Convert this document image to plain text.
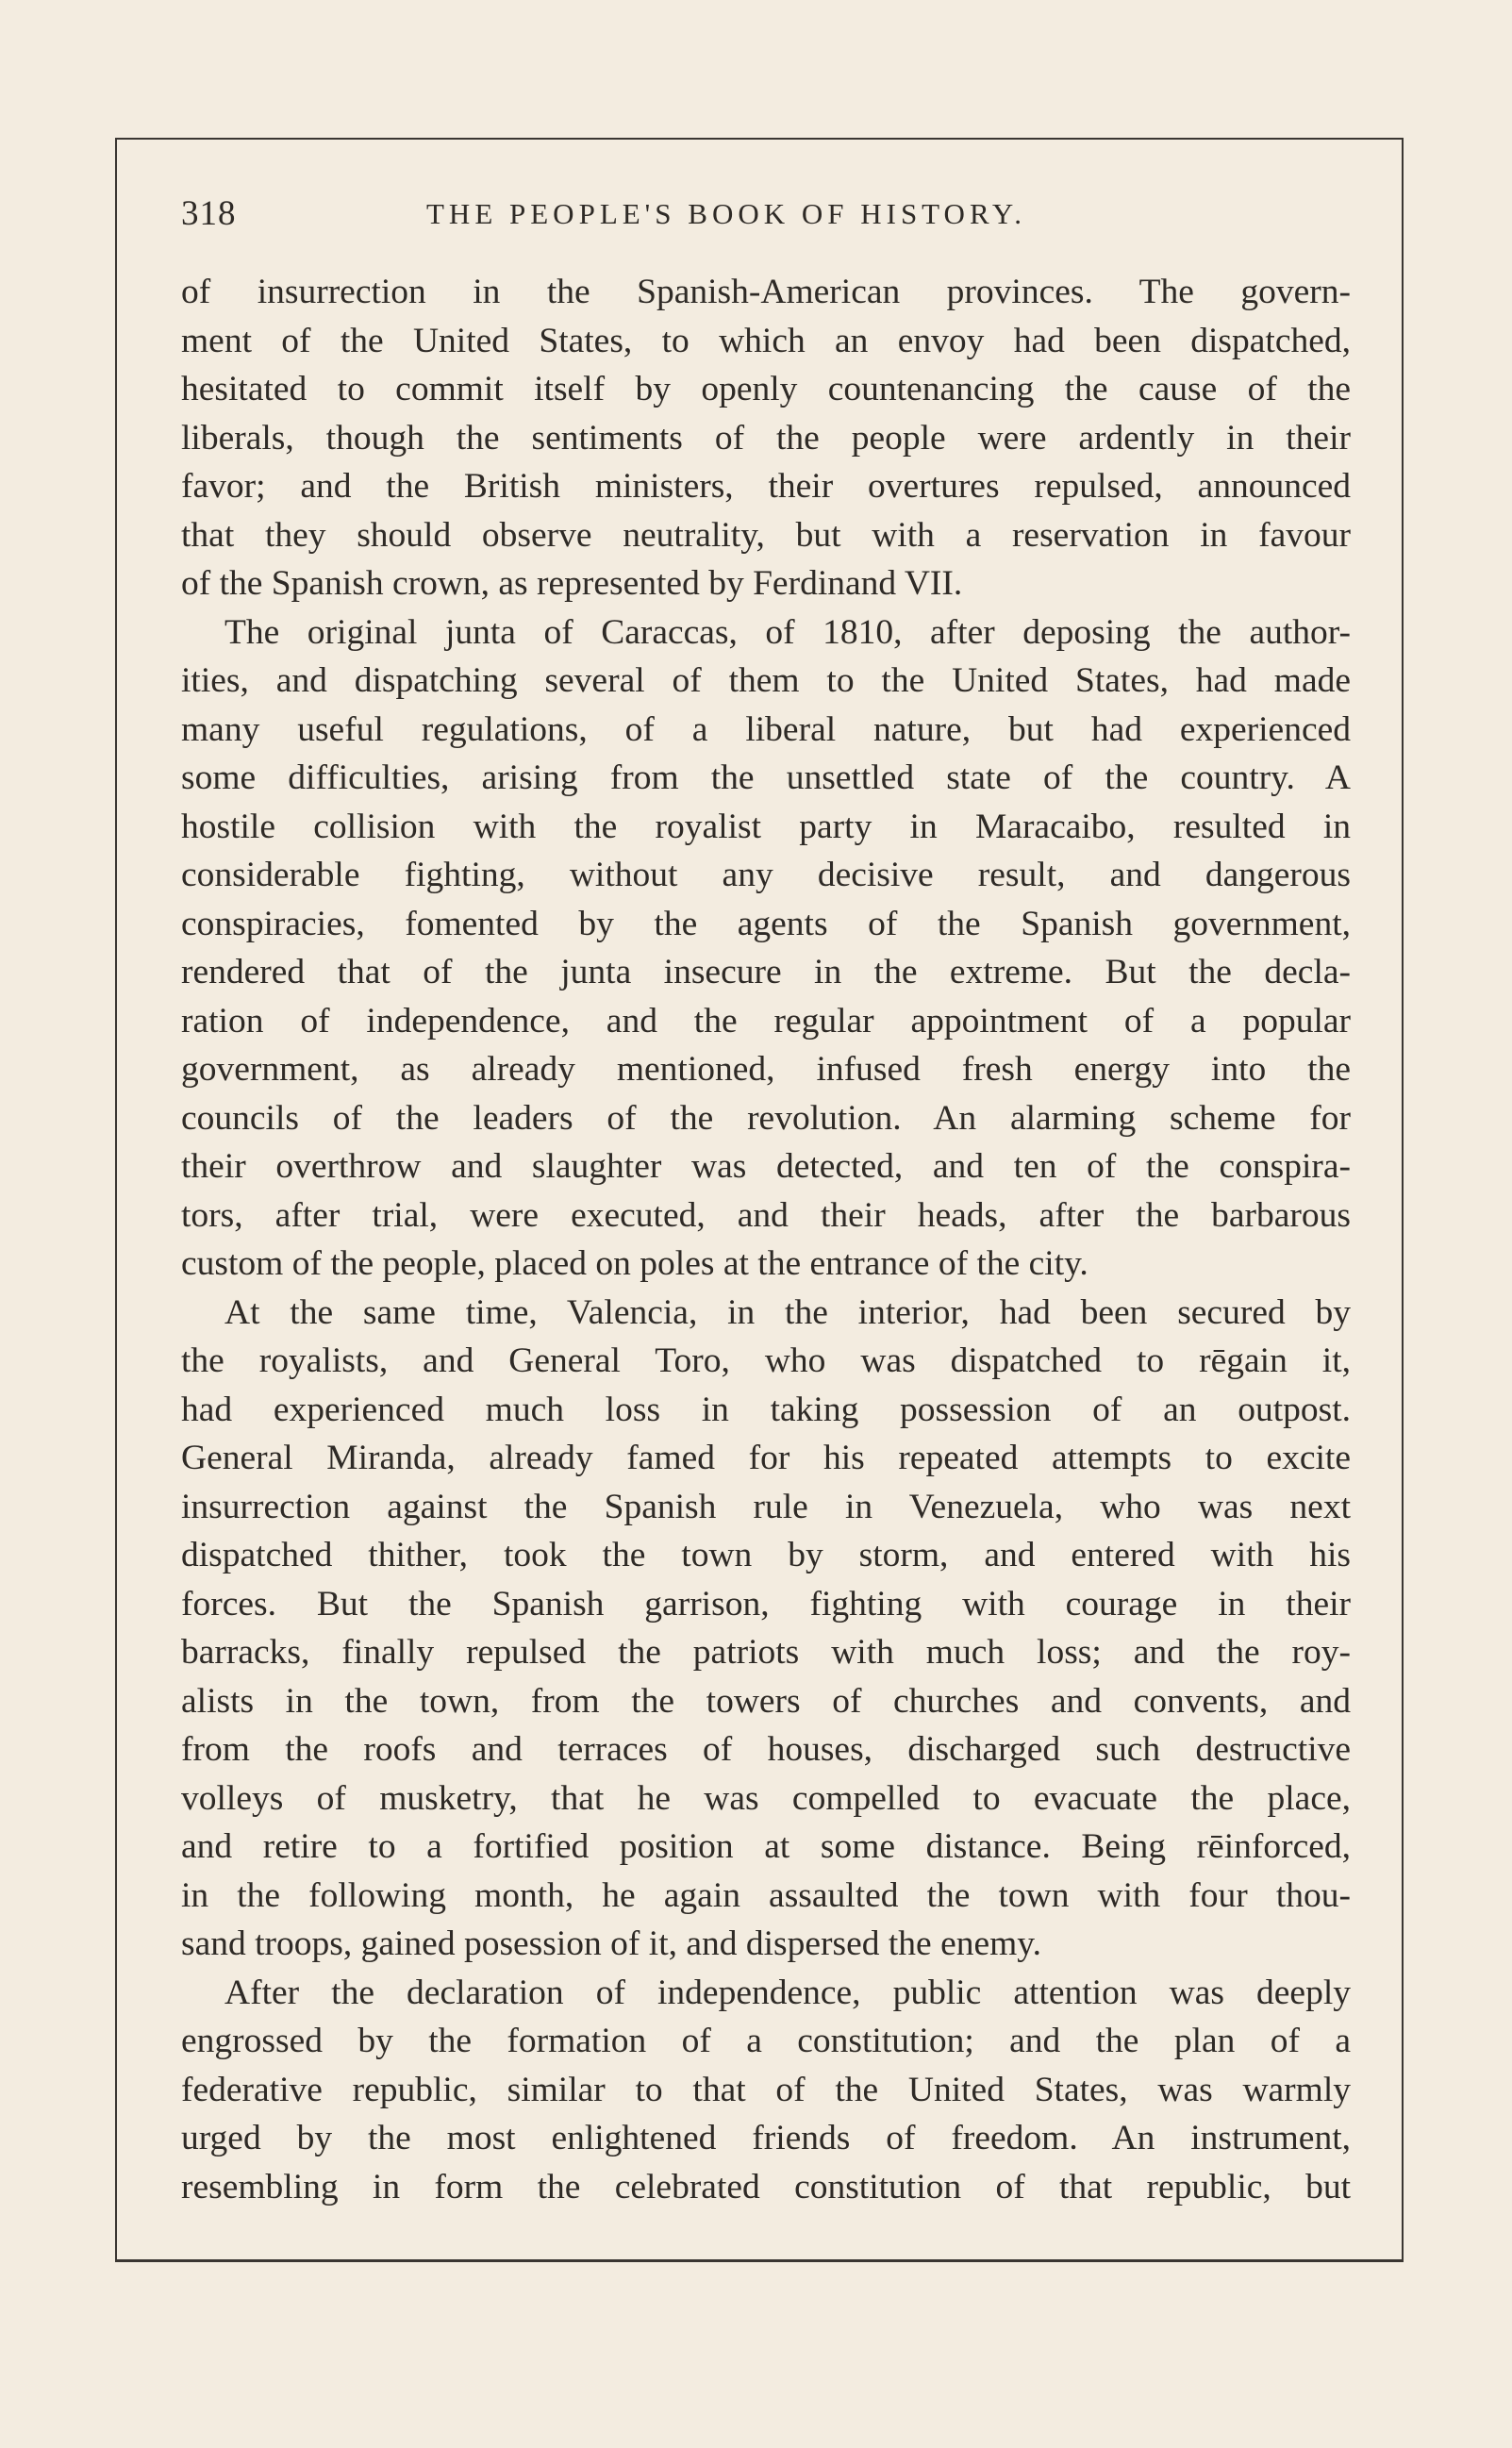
318	THE PEOPLE'S BOOK OF HISTORY.
of insurrection in the Spanish-American provinces. The govern-
ment of the United States, to which an envoy had been dispatched,
hesitated to commit itself by openly countenancing the cause of the
liberals, though the sentiments of the people were ardently in their
favor; and the British ministers, their overtures repulsed, announced
that they should observe neutrality, but with a reservation in favour
of the Spanish crown, as represented by Ferdinand VII.
The original junta of Caraccas, of 1810, after deposing the author-
ities, and dispatching several of them to the United States, had made
many useful regulations, of a liberal nature, but had experienced
some difficulties, arising from the unsettled state of the country. A
hostile collision with the royalist party in Maracaibo, resulted in
considerable fighting, without any decisive result, and dangerous
conspiracies, fomented by the agents of the Spanish government,
rendered that of the junta insecure in the extreme. But the decla-
ration of independence, and the regular appointment of a popular
government, as already mentioned, infused fresh energy into the
councils of the leaders of the revolution. An alarming scheme for
their overthrow and slaughter was detected, and ten of the conspira-
tors, after trial, were executed, and their heads, after the barbarous
custom of the people, placed on poles at the entrance of the city.
At the same time, Valencia, in the interior, had been secured by
the royalists, and General Toro, who was dispatched to rēgain it,
had experienced much loss in taking possession of an outpost.
General Miranda, already famed for his repeated attempts to excite
insurrection against the Spanish rule in Venezuela, who was next
dispatched thither, took the town by storm, and entered with his
forces. But the Spanish garrison, fighting with courage in their
barracks, finally repulsed the patriots with much loss; and the roy-
alists in the town, from the towers of churches and convents, and
from the roofs and terraces of houses, discharged such destructive
volleys of musketry, that he was compelled to evacuate the place,
and retire to a fortified position at some distance. Being rēinforced,
in the following month, he again assaulted the town with four thou-
sand troops, gained posession of it, and dispersed the enemy.
After the declaration of independence, public attention was deeply
engrossed by the formation of a constitution; and the plan of a
federative republic, similar to that of the United States, was warmly
urged by the most enlightened friends of freedom. An instrument,
resembling in form the celebrated constitution of that republic, but
